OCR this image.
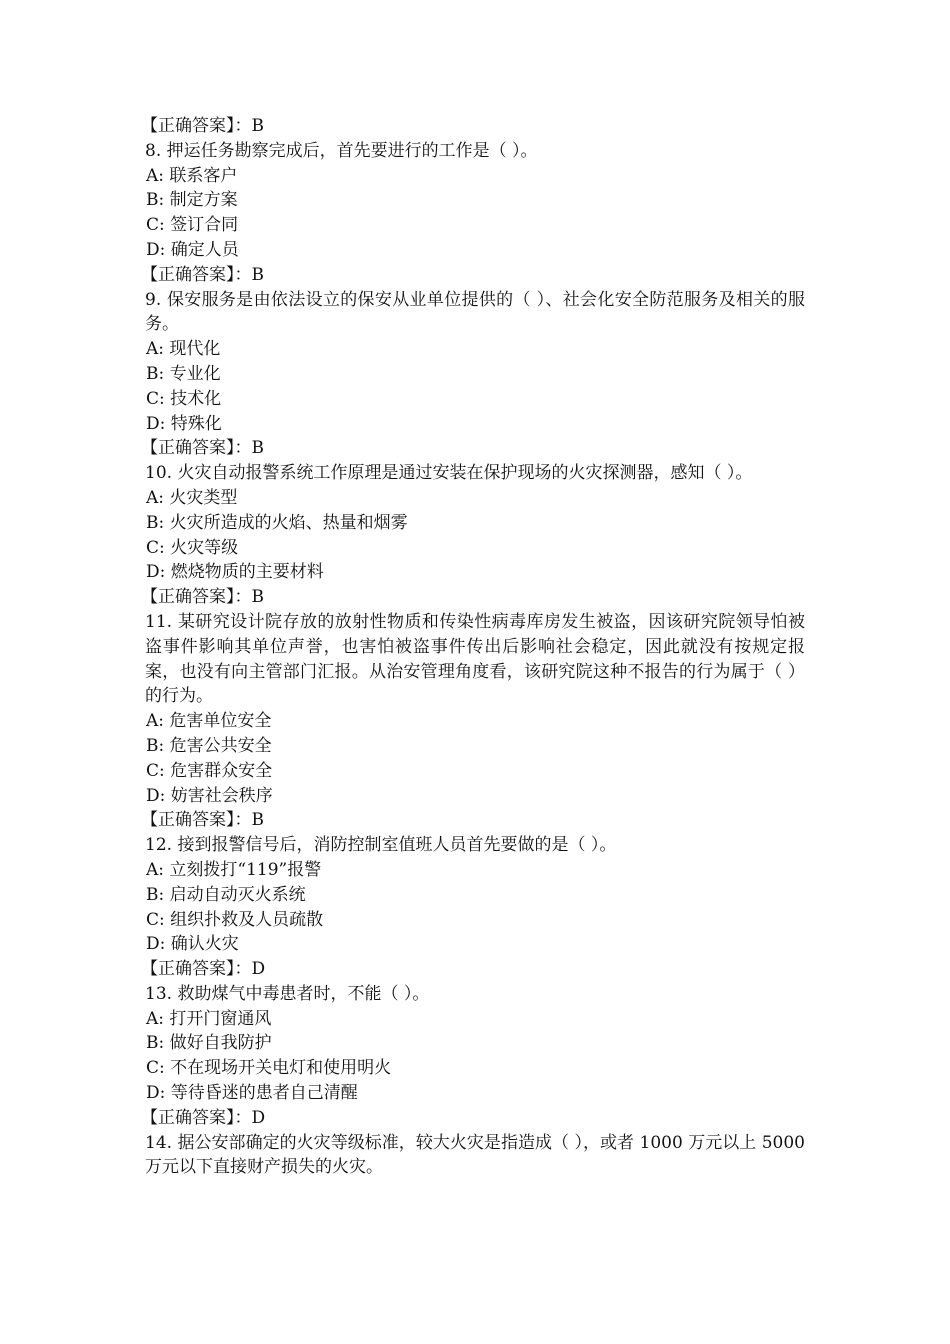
【正确答案】：B

8. 押运任务勘察完成后，首先要进行的工作是（ ）。

A: 联系客户

B: 制定方案

C: 签订合同

D: 确定人员

【正确答案】：B

9. 保安服务是由依法设立的保安从业单位提供的（ ）、社会化安全防范服务及相关的服务。

A: 现代化

B: 专业化

C: 技术化

D: 特殊化

【正确答案】：B

10. 火灾自动报警系统工作原理是通过安装在保护现场的火灾探测器，感知（ ）。

A: 火灾类型

B: 火灾所造成的火焰、热量和烟雾

C: 火灾等级

D: 燃烧物质的主要材料

【正确答案】：B

11. 某研究设计院存放的放射性物质和传染性病毒库房发生被盗，因该研究院领导怕被盗事件影响其单位声誉，也害怕被盗事件传出后影响社会稳定，因此就没有按规定报案，也没有向主管部门汇报。从治安管理角度看，该研究院这种不报告的行为属于（ ）的行为。

A: 危害单位安全

B: 危害公共安全

C: 危害群众安全

D: 妨害社会秩序

【正确答案】：B

12. 接到报警信号后，消防控制室值班人员首先要做的是（ ）。

A: 立刻拨打“119”报警

B: 启动自动灭火系统

C: 组织扑救及人员疏散

D: 确认火灾

【正确答案】：D

13. 救助煤气中毒患者时，不能（ ）。

A: 打开门窗通风

B: 做好自我防护

C: 不在现场开关电灯和使用明火

D: 等待昏迷的患者自己清醒

【正确答案】：D

14. 据公安部确定的火灾等级标准，较大火灾是指造成（ ），或者 1000 万元以上 5000 万元以下直接财产损失的火灾。
